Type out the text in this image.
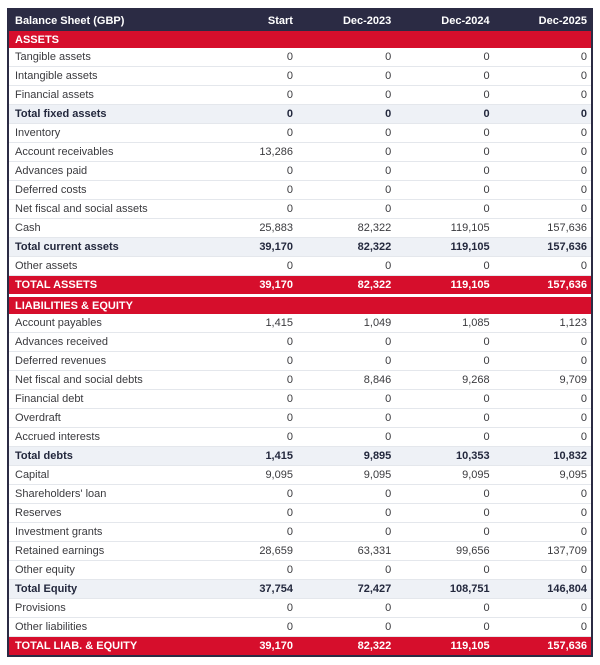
Balance Sheet (GBP)	Start	Dec-2023	Dec-2024	Dec-2025
ASSETS				
Tangible assets	0	0	0	0
Intangible assets	0	0	0	0
Financial assets	0	0	0	0
Total fixed assets	0	0	0	0
Inventory	0	0	0	0
Account receivables	13,286	0	0	0
Advances paid	0	0	0	0
Deferred costs	0	0	0	0
Net fiscal and social assets	0	0	0	0
Cash	25,883	82,322	119,105	157,636
Total current assets	39,170	82,322	119,105	157,636
Other assets	0	0	0	0
TOTAL ASSETS	39,170	82,322	119,105	157,636

LIABILITIES & EQUITY				
Account payables	1,415	1,049	1,085	1,123
Advances received	0	0	0	0
Deferred revenues	0	0	0	0
Net fiscal and social debts	0	8,846	9,268	9,709
Financial debt	0	0	0	0
Overdraft	0	0	0	0
Accrued interests	0	0	0	0
Total debts	1,415	9,895	10,353	10,832
Capital	9,095	9,095	9,095	9,095
Shareholders' loan	0	0	0	0
Reserves	0	0	0	0
Investment grants	0	0	0	0
Retained earnings	28,659	63,331	99,656	137,709
Other equity	0	0	0	0
Total Equity	37,754	72,427	108,751	146,804
Provisions	0	0	0	0
Other liabilities	0	0	0	0
TOTAL LIAB. & EQUITY	39,170	82,322	119,105	157,636
